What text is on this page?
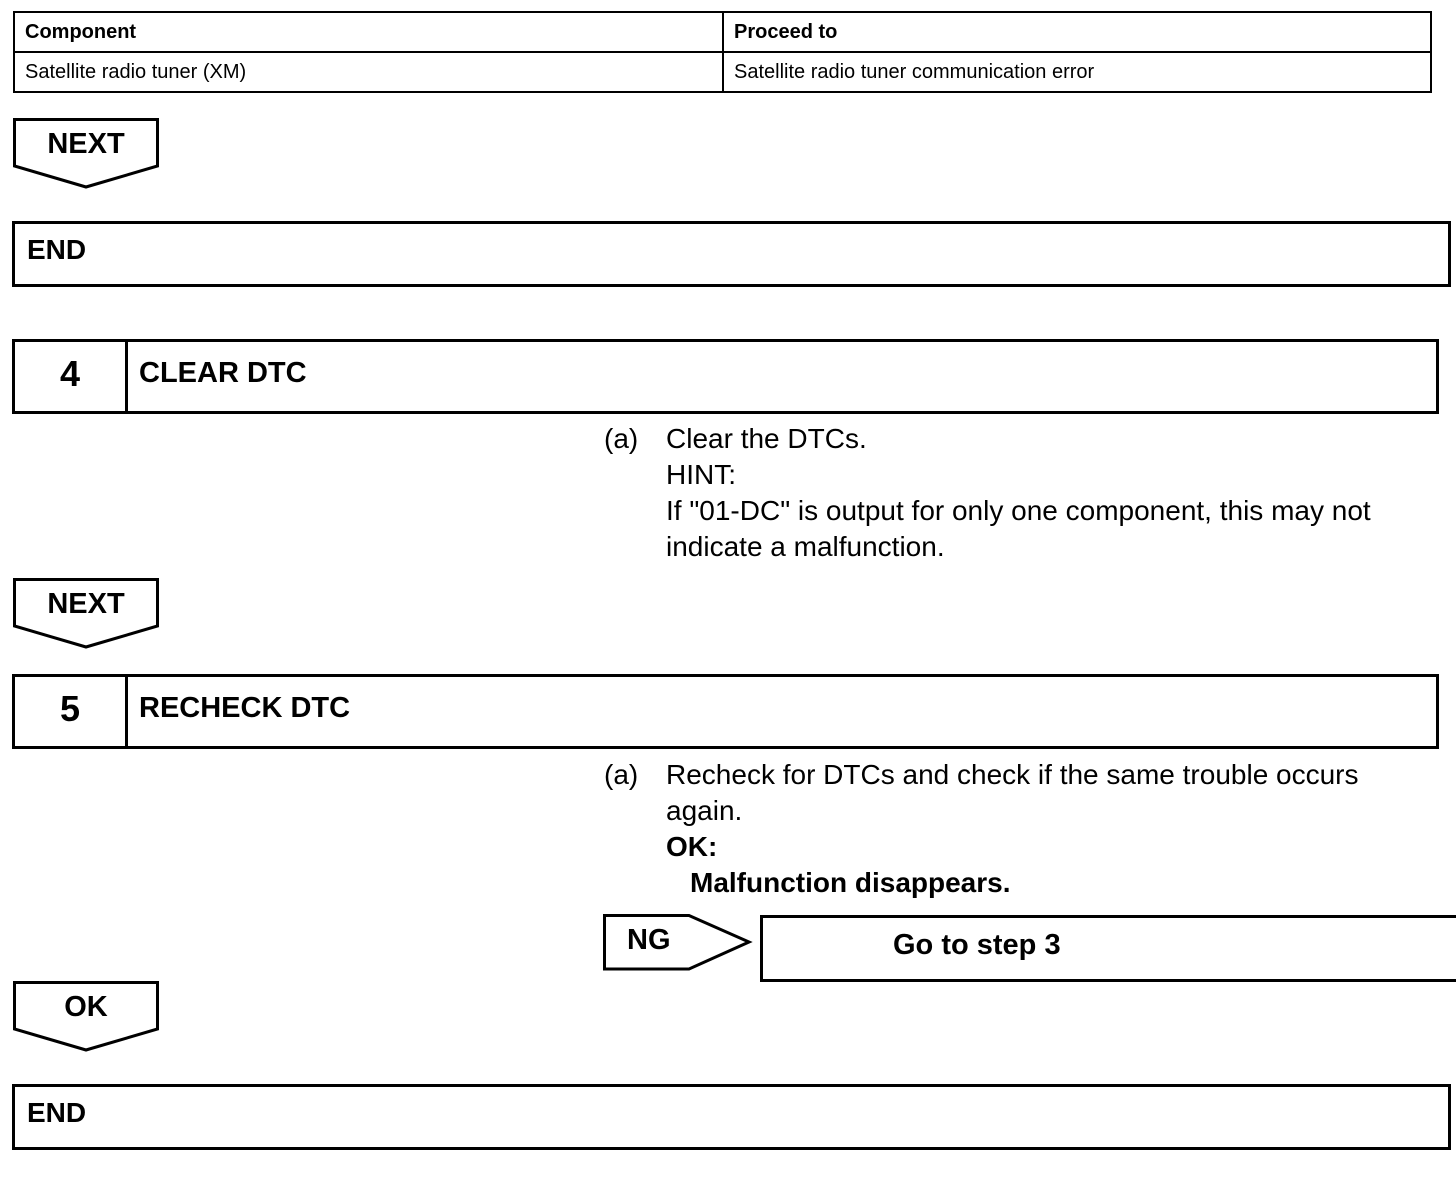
Component	Proceed to
Satellite radio tuner (XM)	Satellite radio tuner communication error
NEXT
END
4	CLEAR DTC
(a) Clear the DTCs.
HINT:
If "01-DC" is output for only one component, this may not indicate a malfunction.
NEXT
5	RECHECK DTC
(a) Recheck for DTCs and check if the same trouble occurs again.
OK:
Malfunction disappears.
NG	Go to step 3
OK
END
